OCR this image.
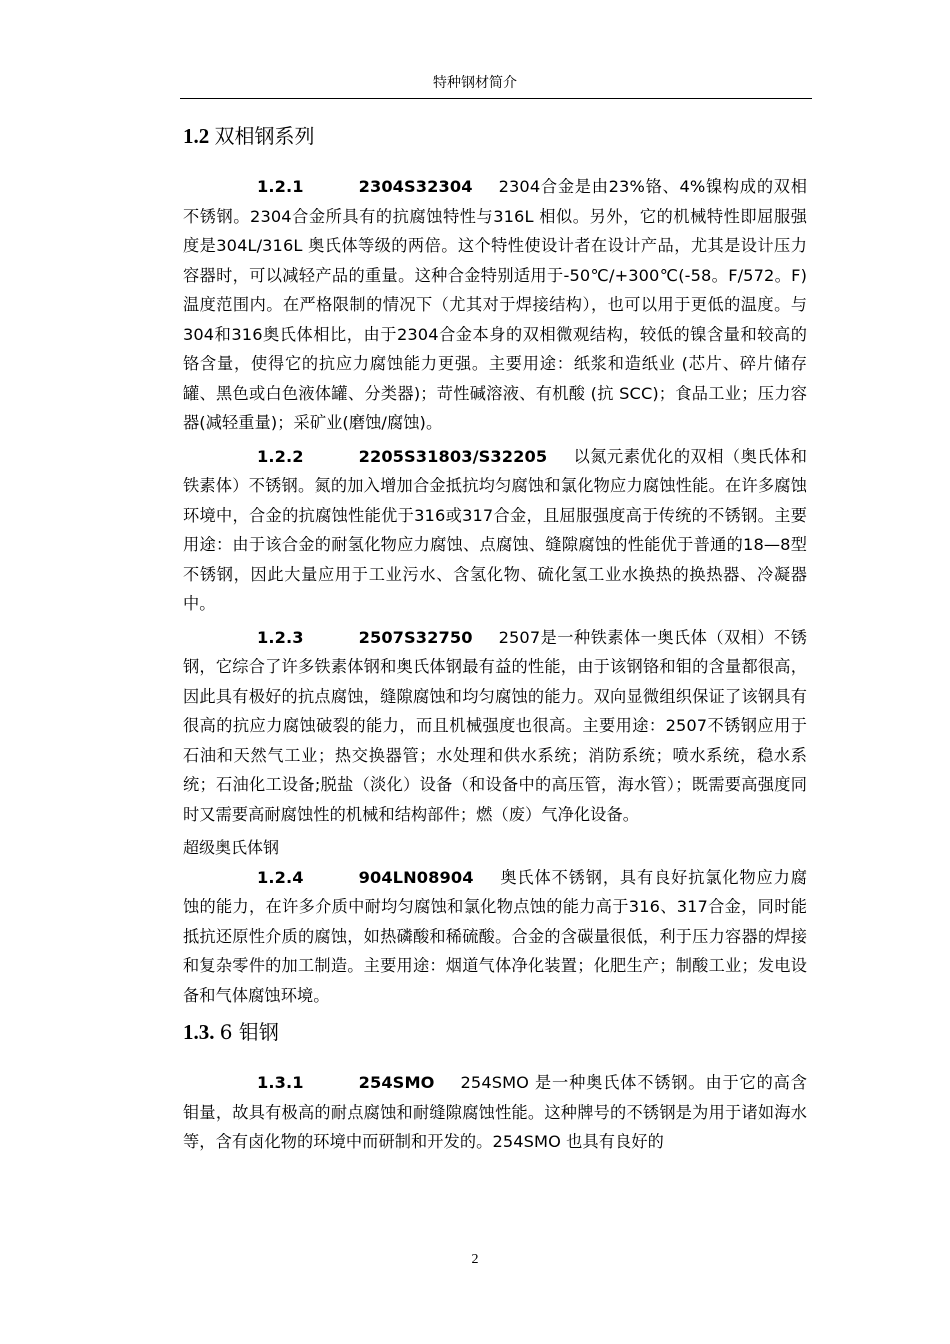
特种钢材简介
1.2 双相钢系列

1.2.1	2304S32304 2304合金是由23%铬、4%镍构成的双相不锈钢。2304合金所具有的抗腐蚀特性与316L 相似。另外，它的机械特性即屈服强度是304L/316L 奥氏体等级的两倍。这个特性使设计者在设计产品，尤其是设计压力容器时，可以减轻产品的重量。这种合金特别适用于-50℃/+300℃(-58。F/572。F)温度范围内。在严格限制的情况下（尤其对于焊接结构），也可以用于更低的温度。与304和316奥氏体相比，由于2304合金本身的双相微观结构，较低的镍含量和较高的铬含量，使得它的抗应力腐蚀能力更强。主要用途：纸浆和造纸业 (芯片、碎片储存罐、黑色或白色液体罐、分类器)；苛性碱溶液、有机酸 (抗 SCC)；食品工业；压力容器(减轻重量)；采矿业(磨蚀/腐蚀)。

1.2.2	2205S31803/S32205 以氮元素优化的双相（奥氏体和铁素体）不锈钢。氮的加入增加合金抵抗均匀腐蚀和氯化物应力腐蚀性能。在许多腐蚀环境中，合金的抗腐蚀性能优于316或317合金，且屈服强度高于传统的不锈钢。主要用途：由于该合金的耐氢化物应力腐蚀、点腐蚀、缝隙腐蚀的性能优于普通的18—8型不锈钢，因此大量应用于工业污水、含氢化物、硫化氢工业水换热的换热器、冷凝器中。

1.2.3	2507S32750 2507是一种铁素体一奥氏体（双相）不锈钢，它综合了许多铁素体钢和奥氏体钢最有益的性能，由于该钢铬和钼的含量都很高，因此具有极好的抗点腐蚀，缝隙腐蚀和均匀腐蚀的能力。双向显微组织保证了该钢具有很高的抗应力腐蚀破裂的能力，而且机械强度也很高。主要用途：2507不锈钢应用于石油和天然气工业；热交换器管；水处理和供水系统；消防系统；喷水系统，稳水系统；石油化工设备;脱盐（淡化）设备（和设备中的高压管，海水管）；既需要高强度同时又需要高耐腐蚀性的机械和结构部件；燃（废）气净化设备。

超级奥氏体钢

1.2.4	904LN08904 奥氏体不锈钢，具有良好抗氯化物应力腐蚀的能力，在许多介质中耐均匀腐蚀和氯化物点蚀的能力高于316、317合金，同时能抵抗还原性介质的腐蚀，如热磷酸和稀硫酸。合金的含碳量很低，利于压力容器的焊接和复杂零件的加工制造。主要用途：烟道气体净化装置；化肥生产；制酸工业；发电设备和气体腐蚀环境。

1.3. 6 钼钢

1.3.1	254SMO 254SMO 是一种奥氏体不锈钢。由于它的高含钼量，故具有极高的耐点腐蚀和耐缝隙腐蚀性能。这种牌号的不锈钢是为用于诸如海水等，含有卤化物的环境中而研制和开发的。254SMO 也具有良好的

2
